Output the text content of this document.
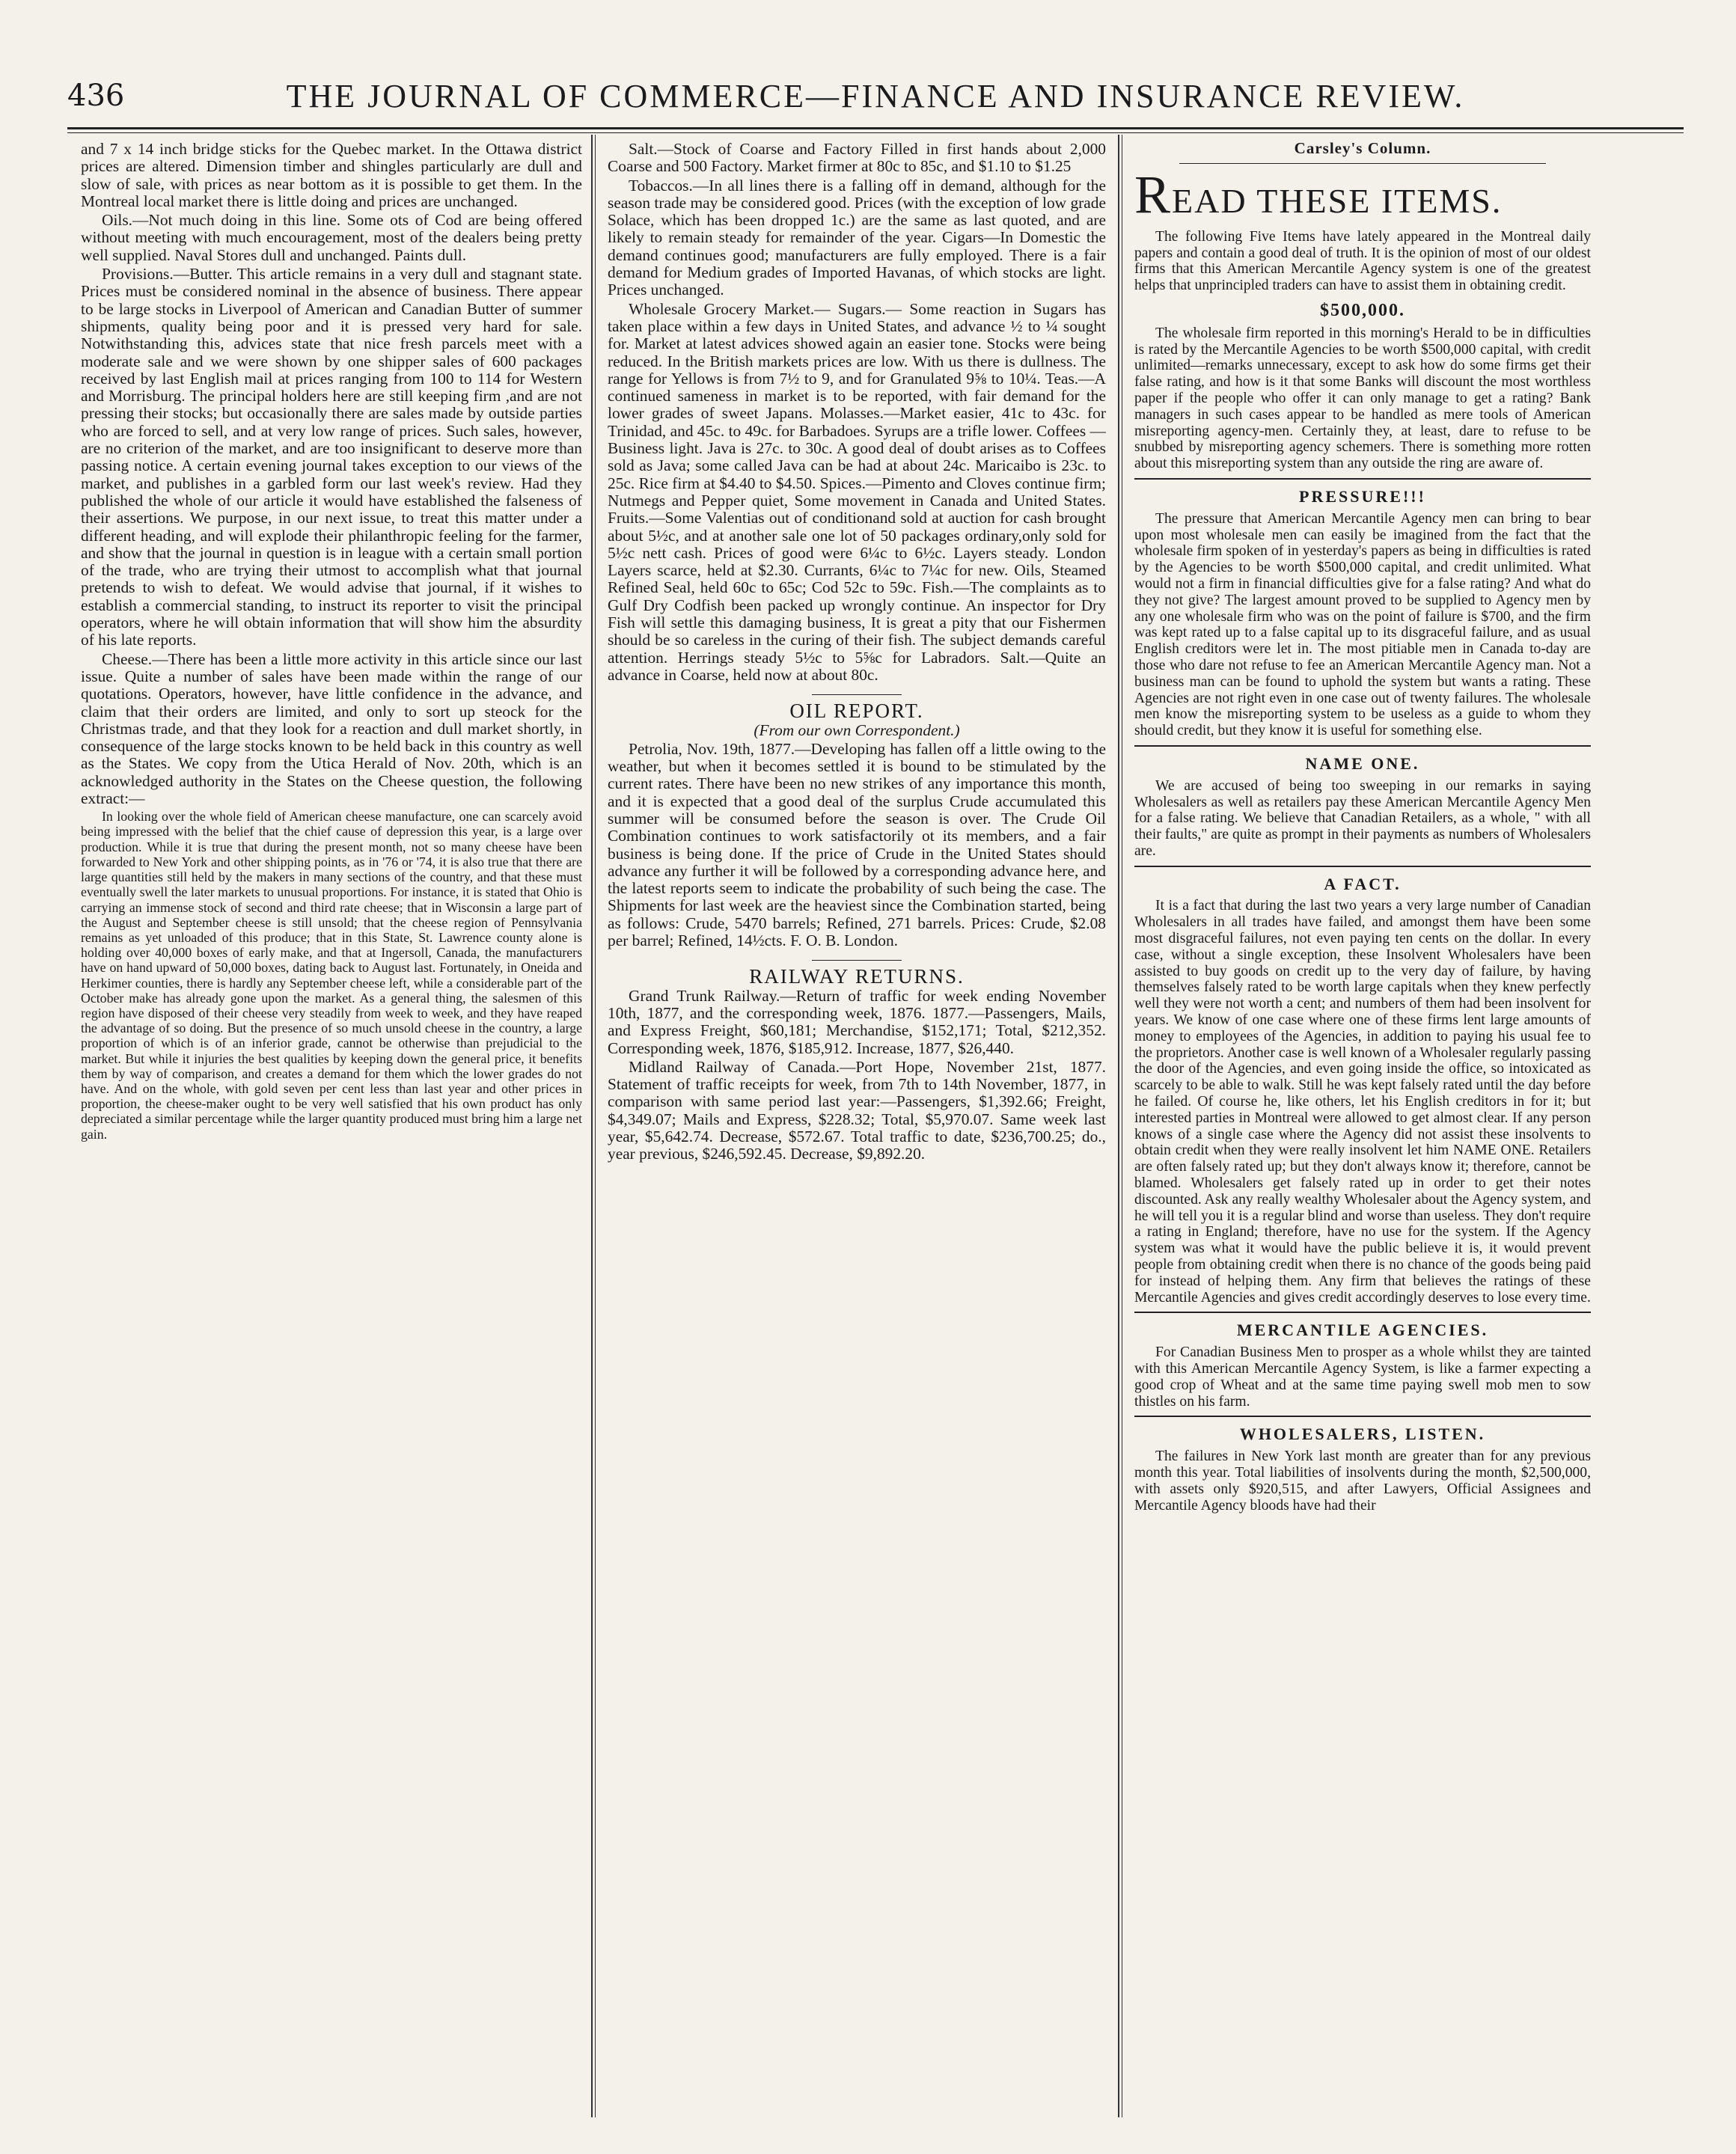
436	THE JOURNAL OF COMMERCE—FINANCE AND INSURANCE REVIEW.

and 7 x 14 inch bridge sticks for the Quebec market. In the Ottawa district prices are altered. Dimension timber and shingles particularly are dull and slow of sale, with prices as near bottom as it is possible to get them. In the Montreal local market there is little doing and prices are unchanged.

Oils.—Not much doing in this line. Some ots of Cod are being offered without meeting with much encouragement, most of the dealers being pretty well supplied. Naval Stores dull and unchanged. Paints dull.

Provisions.—Butter. This article remains in a very dull and stagnant state. Prices must be considered nominal in the absence of business. There appear to be large stocks in Liverpool of American and Canadian Butter of summer shipments, quality being poor and it is pressed very hard for sale. Notwithstanding this, advices state that nice fresh parcels meet with a moderate sale and we were shown by one shipper sales of 600 packages received by last English mail at prices ranging from 100 to 114 for Western and Morrisburg. The principal holders here are still keeping firm ,and are not pressing their stocks; but occasionally there are sales made by outside parties who are forced to sell, and at very low range of prices. Such sales, however, are no criterion of the market, and are too insignificant to deserve more than passing notice. A certain evening journal takes exception to our views of the market, and publishes in a garbled form our last week's review. Had they published the whole of our article it would have established the falseness of their assertions. We purpose, in our next issue, to treat this matter under a different heading, and will explode their philanthropic feeling for the farmer, and show that the journal in question is in league with a certain small portion of the trade, who are trying their utmost to accomplish what that journal pretends to wish to defeat. We would advise that journal, if it wishes to establish a commercial standing, to instruct its reporter to visit the principal operators, where he will obtain information that will show him the absurdity of his late reports.

Cheese.—There has been a little more activity in this article since our last issue. Quite a number of sales have been made within the range of our quotations. Operators, however, have little confidence in the advance, and claim that their orders are limited, and only to sort up steock for the Christmas trade, and that they look for a reaction and dull market shortly, in consequence of the large stocks known to be held back in this country as well as the States. We copy from the Utica Herald of Nov. 20th, which is an acknowledged authority in the States on the Cheese question, the following extract:—

In looking over the whole field of American cheese manufacture, one can scarcely avoid being impressed with the belief that the chief cause of depression this year, is a large over production. While it is true that during the present month, not so many cheese have been forwarded to New York and other shipping points, as in '76 or '74, it is also true that there are large quantities still held by the makers in many sections of the country, and that these must eventually swell the later markets to unusual proportions. For instance, it is stated that Ohio is carrying an immense stock of second and third rate cheese; that in Wisconsin a large part of the August and September cheese is still unsold; that the cheese region of Pennsylvania remains as yet unloaded of this produce; that in this State, St. Lawrence county alone is holding over 40,000 boxes of early make, and that at Ingersoll, Canada, the manufacturers have on hand upward of 50,000 boxes, dating back to August last. Fortunately, in Oneida and Herkimer counties, there is hardly any September cheese left, while a considerable part of the October make has already gone upon the market. As a general thing, the salesmen of this region have disposed of their cheese very steadily from week to week, and they have reaped the advantage of so doing. But the presence of so much unsold cheese in the country, a large proportion of which is of an inferior grade, cannot be otherwise than prejudicial to the market. But while it injuries the best qualities by keeping down the general price, it benefits them by way of comparison, and creates a demand for them which the lower grades do not have. And on the whole, with gold seven per cent less than last year and other prices in proportion, the cheese-maker ought to be very well satisfied that his own product has only depreciated a similar percentage while the larger quantity produced must bring him a large net gain.

Salt.—Stock of Coarse and Factory Filled in first hands about 2,000 Coarse and 500 Factory. Market firmer at 80c to 85c, and $1.10 to $1.25

Tobaccos.—In all lines there is a falling off in demand, although for the season trade may be considered good. Prices (with the exception of low grade Solace, which has been dropped 1c.) are the same as last quoted, and are likely to remain steady for remainder of the year. Cigars—In Domestic the demand continues good; manufacturers are fully employed. There is a fair demand for Medium grades of Imported Havanas, of which stocks are light. Prices unchanged.

Wholesale Grocery Market.— Sugars.— Some reaction in Sugars has taken place within a few days in United States, and advance ½ to ¼ sought for. Market at latest advices showed again an easier tone. Stocks were being reduced. In the British markets prices are low. With us there is dullness. The range for Yellows is from 7½ to 9, and for Granulated 9⅝ to 10¼. Teas.—A continued sameness in market is to be reported, with fair demand for the lower grades of sweet Japans. Molasses.—Market easier, 41c to 43c. for Trinidad, and 45c. to 49c. for Barbadoes. Syrups are a trifle lower. Coffees —Business light. Java is 27c. to 30c. A good deal of doubt arises as to Coffees sold as Java; some called Java can be had at about 24c. Maricaibo is 23c. to 25c. Rice firm at $4.40 to $4.50. Spices.—Pimento and Cloves continue firm; Nutmegs and Pepper quiet, Some movement in Canada and United States. Fruits.—Some Valentias out of conditionand sold at auction for cash brought about 5½c, and at another sale one lot of 50 packages ordinary,only sold for 5½c nett cash. Prices of good were 6¼c to 6½c. Layers steady. London Layers scarce, held at $2.30. Currants, 6¼c to 7¼c for new. Oils, Steamed Refined Seal, held 60c to 65c; Cod 52c to 59c. Fish.—The complaints as to Gulf Dry Codfish been packed up wrongly continue. An inspector for Dry Fish will settle this damaging business, It is great a pity that our Fishermen should be so careless in the curing of their fish. The subject demands careful attention. Herrings steady 5½c to 5⅝c for Labradors. Salt.—Quite an advance in Coarse, held now at about 80c.

OIL REPORT.

(From our own Correspondent.)

Petrolia, Nov. 19th, 1877.—Developing has fallen off a little owing to the weather, but when it becomes settled it is bound to be stimulated by the current rates. There have been no new strikes of any importance this month, and it is expected that a good deal of the surplus Crude accumulated this summer will be consumed before the season is over. The Crude Oil Combination continues to work satisfactorily ot its members, and a fair business is being done. If the price of Crude in the United States should advance any further it will be followed by a corresponding advance here, and the latest reports seem to indicate the probability of such being the case. The Shipments for last week are the heaviest since the Combination started, being as follows: Crude, 5470 barrels; Refined, 271 barrels. Prices: Crude, $2.08 per barrel; Refined, 14½cts. F. O. B. London.

RAILWAY RETURNS.

Grand Trunk Railway.—Return of traffic for week ending November 10th, 1877, and the corresponding week, 1876. 1877.—Passengers, Mails, and Express Freight, $60,181; Merchandise, $152,171; Total, $212,352. Corresponding week, 1876, $185,912. Increase, 1877, $26,440.

Midland Railway of Canada.—Port Hope, November 21st, 1877. Statement of traffic receipts for week, from 7th to 14th November, 1877, in comparison with same period last year:—Passengers, $1,392.66; Freight, $4,349.07; Mails and Express, $228.32; Total, $5,970.07. Same week last year, $5,642.74. Decrease, $572.67. Total traffic to date, $236,700.25; do., year previous, $246,592.45. Decrease, $9,892.20.

Carsley's Column.
READ THESE ITEMS.

The following Five Items have lately appeared in the Montreal daily papers and contain a good deal of truth. It is the opinion of most of our oldest firms that this American Mercantile Agency system is one of the greatest helps that unprincipled traders can have to assist them in obtaining credit.

$500,000.

The wholesale firm reported in this morning's Herald to be in difficulties is rated by the Mercantile Agencies to be worth $500,000 capital, with credit unlimited—remarks unnecessary, except to ask how do some firms get their false rating, and how is it that some Banks will discount the most worthless paper if the people who offer it can only manage to get a rating? Bank managers in such cases appear to be handled as mere tools of American misreporting agency-men. Certainly they, at least, dare to refuse to be snubbed by misreporting agency schemers. There is something more rotten about this misreporting system than any outside the ring are aware of.

PRESSURE!!!

The pressure that American Mercantile Agency men can bring to bear upon most wholesale men can easily be imagined from the fact that the wholesale firm spoken of in yesterday's papers as being in difficulties is rated by the Agencies to be worth $500,000 capital, and credit unlimited. What would not a firm in financial difficulties give for a false rating? And what do they not give? The largest amount proved to be supplied to Agency men by any one wholesale firm who was on the point of failure is $700, and the firm was kept rated up to a false capital up to its disgraceful failure, and as usual English creditors were let in. The most pitiable men in Canada to-day are those who dare not refuse to fee an American Mercantile Agency man. Not a business man can be found to uphold the system but wants a rating. These Agencies are not right even in one case out of twenty failures. The wholesale men know the misreporting system to be useless as a guide to whom they should credit, but they know it is useful for something else.

NAME ONE.

We are accused of being too sweeping in our remarks in saying Wholesalers as well as retailers pay these American Mercantile Agency Men for a false rating. We believe that Canadian Retailers, as a whole, " with all their faults," are quite as prompt in their payments as numbers of Wholesalers are.

A FACT.

It is a fact that during the last two years a very large number of Canadian Wholesalers in all trades have failed, and amongst them have been some most disgraceful failures, not even paying ten cents on the dollar. In every case, without a single exception, these Insolvent Wholesalers have been assisted to buy goods on credit up to the very day of failure, by having themselves falsely rated to be worth large capitals when they knew perfectly well they were not worth a cent; and numbers of them had been insolvent for years. We know of one case where one of these firms lent large amounts of money to employees of the Agencies, in addition to paying his usual fee to the proprietors. Another case is well known of a Wholesaler regularly passing the door of the Agencies, and even going inside the office, so intoxicated as scarcely to be able to walk. Still he was kept falsely rated until the day before he failed. Of course he, like others, let his English creditors in for it; but interested parties in Montreal were allowed to get almost clear. If any person knows of a single case where the Agency did not assist these insolvents to obtain credit when they were really insolvent let him NAME ONE. Retailers are often falsely rated up; but they don't always know it; therefore, cannot be blamed. Wholesalers get falsely rated up in order to get their notes discounted. Ask any really wealthy Wholesaler about the Agency system, and he will tell you it is a regular blind and worse than useless. They don't require a rating in England; therefore, have no use for the system. If the Agency system was what it would have the public believe it is, it would prevent people from obtaining credit when there is no chance of the goods being paid for instead of helping them. Any firm that believes the ratings of these Mercantile Agencies and gives credit accordingly deserves to lose every time.

MERCANTILE AGENCIES.

For Canadian Business Men to prosper as a whole whilst they are tainted with this American Mercantile Agency System, is like a farmer expecting a good crop of Wheat and at the same time paying swell mob men to sow thistles on his farm.

WHOLESALERS, LISTEN.

The failures in New York last month are greater than for any previous month this year. Total liabilities of insolvents during the month, $2,500,000, with assets only $920,515, and after Lawyers, Official Assignees and Mercantile Agency bloods have had their
